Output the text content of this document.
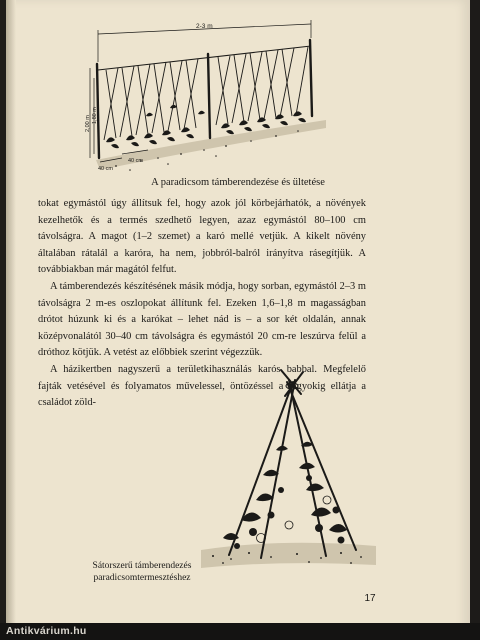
2-3 m
2,00 m 1,80 m
40 cm
40 cm
A paradicsom támberendezése és ültetése

tokat egymástól úgy állítsuk fel, hogy azok jól körbejárhatók, a növények kezelhetők és a termés szedhető legyen, azaz egymástól 80–100 cm távolságra. A magot (1–2 szemet) a karó mellé vetjük. A kikelt növény általában rátalál a karóra, ha nem, jobbról-balról irányítva rásegítjük. A továbbiakban már magától felfut.

A támberendezés készítésének másik módja, hogy sorban, egymástól 2–3 m távolságra 2 m-es oszlopokat állítunk fel. Ezeken 1,6–1,8 m magasságban drótot húzunk ki és a karókat – lehet nád is – a sor két oldalán, annak középvonalától 30–40 cm távolságra és egymástól 20 cm-re leszúrva felül a dróthoz kötjük. A vetést az előbbiek szerint végezzük.

A házikertben nagyszerű a területkihasználás karós babbal. Megfelelő fajták vetésével és folyamatos művelessel, öntözéssel a fagyokig ellátja a családot zöld-

Sátorszerű támberendezés
paradicsomtermesztéshez
17
Antikvárium.hu
